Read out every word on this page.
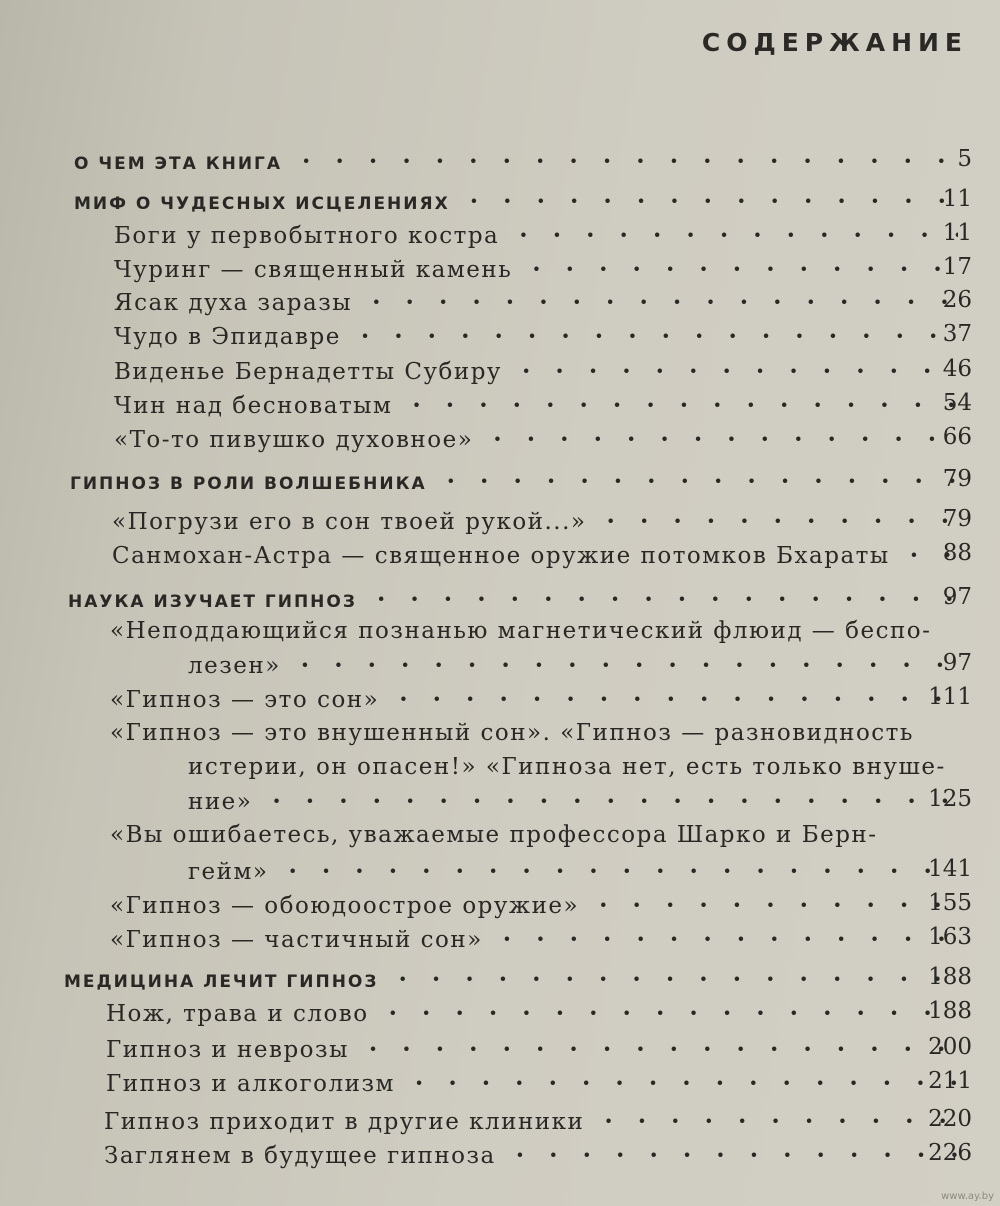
СОДЕРЖАНИЕ
О ЧЕМ ЭТА КНИГА · ·	5
МИФ О ЧУДЕСНЫХ ИСЦЕЛЕНИЯХ · ·	11
Боги у первобытного костра · ·	11
Чуринг — священный камень · ·	17
Ясак духа заразы · ·	26
Чудо в Эпидавре · ·	37
Виденье Бернадетты Субиру · ·	46
Чин над бесноватым · ·	54
«То-то пивушко духовное» · ·	66
ГИПНОЗ В РОЛИ ВОЛШЕБНИКА · ·	79
«Погрузи его в сон твоей рукой...» · ·	79
Санмохан-Астра — священное оружие потомков Бхараты · · 88
НАУКА ИЗУЧАЕТ ГИПНОЗ · ·	97
«Неподдающийся познанью магнетический флюид — беспо-
лезен» · ·	97
«Гипноз — это сон» · ·	111
«Гипноз — это внушенный сон». «Гипноз — разновидность
истерии, он опасен!» «Гипноза нет, есть только внуше-
ние» · ·	125
«Вы ошибаетесь, уважаемые профессора Шарко и Берн-
гейм» · ·	141
«Гипноз — обоюдоострое оружие» · ·	155
«Гипноз — частичный сон» · ·	163
МЕДИЦИНА ЛЕЧИТ ГИПНОЗ · ·	188
Нож, трава и слово · ·	188
Гипноз и неврозы · ·	200
Гипноз и алкоголизм · ·	211
Гипноз приходит в другие клиники · ·	220
Заглянем в будущее гипноза · ·	226
www.ay.by
